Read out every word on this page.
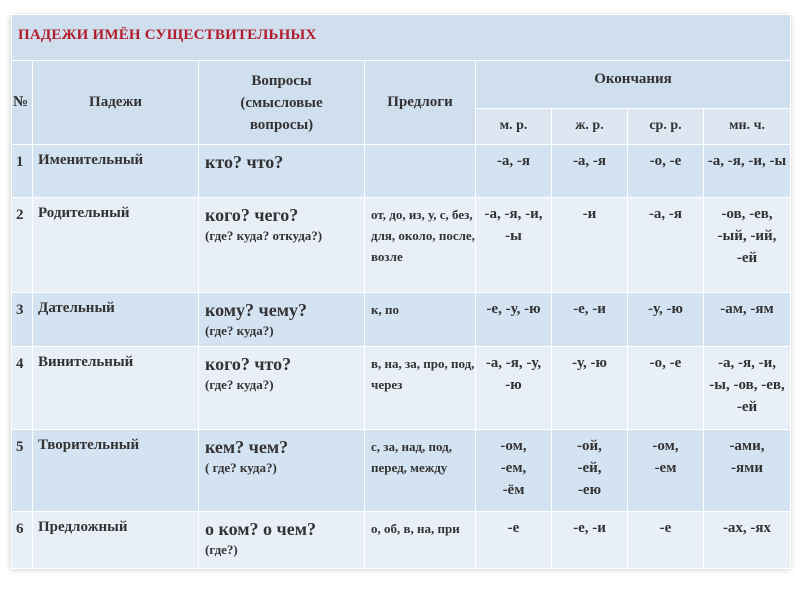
ПАДЕЖИ ИМЁН СУЩЕСТВИТЕЛЬНЫХ							
№	Падежи	Вопросы (смысловые вопросы)	Предлоги	Окончания			
				м. р.	ж. р.	ср. р.	мн. ч.
1	Именительный	кто? что?		-а, -я	-а, -я	-о, -е	-а, -я, -и, -ы
2	Родительный	кого? чего?
(где? куда? откуда?)	от, до, из, у, с, без, для, около, после, возле	-а, -я, -и, -ы	-и	-а, -я	-ов, -ев, -ый, -ий, -ей
3	Дательный	кому? чему?
(где? куда?)	к, по	-е, -у, -ю	-е, -и	-у, -ю	-ам, -ям
4	Винительный	кого? что?
(где? куда?)	в, на, за, про, под, через	-а, -я, -у, -ю	-у, -ю	-о, -е	-а, -я, -и, -ы, -ов, -ев, -ей
5	Творительный	кем? чем?
( где? куда?)	с, за, над, под, перед, между	-ом, -ем, -ём	-ой, -ей, -ею	-ом, -ем	-ами, -ями
6	Предложный	о ком? о чем?
(где?)	о, об, в, на, при	-е	-е, -и	-е	-ах, -ях
